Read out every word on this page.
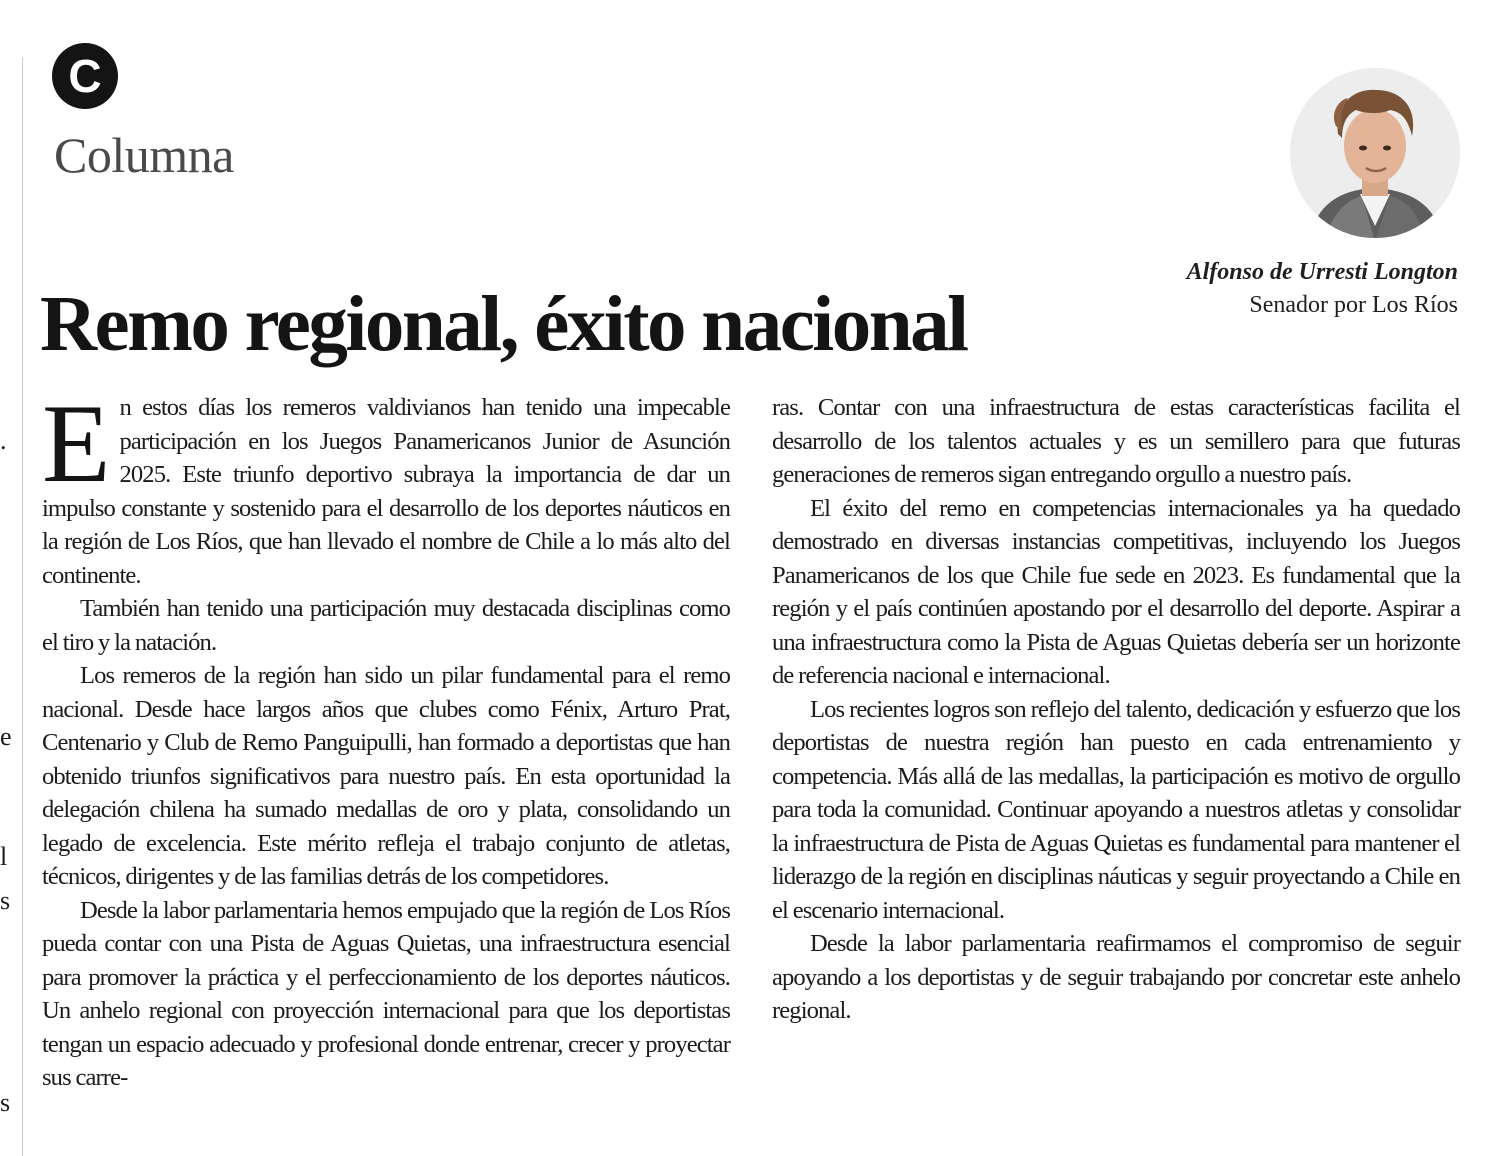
.
e
l
s
s
C
Columna
Remo regional, éxito nacional
Alfonso de Urresti Longton
Senador por Los Ríos

En estos días los remeros valdivianos han tenido una impecable participación en los Juegos Panamericanos Junior de Asunción 2025. Este triunfo deportivo subraya la importancia de dar un impulso constante y sostenido para el desarrollo de los deportes náuticos en la región de Los Ríos, que han llevado el nombre de Chile a lo más alto del continente.

También han tenido una participación muy destacada disciplinas como el tiro y la natación.

Los remeros de la región han sido un pilar fundamental para el remo nacional. Desde hace largos años que clubes como Fénix, Arturo Prat, Centenario y Club de Remo Panguipulli, han formado a deportistas que han obtenido triunfos significativos para nuestro país. En esta oportunidad la delegación chilena ha sumado medallas de oro y plata, consolidando un legado de excelencia. Este mérito refleja el trabajo conjunto de atletas, técnicos, dirigentes y de las familias detrás de los competidores.

Desde la labor parlamentaria hemos empujado que la región de Los Ríos pueda contar con una Pista de Aguas Quietas, una infraestructura esencial para promover la práctica y el perfeccionamiento de los deportes náuticos. Un anhelo regional con proyección internacional para que los deportistas tengan un espacio adecuado y profesional donde entrenar, crecer y proyectar sus carre-

ras. Contar con una infraestructura de estas características facilita el desarrollo de los talentos actuales y es un semillero para que futuras generaciones de remeros sigan entregando orgullo a nuestro país.

El éxito del remo en competencias internacionales ya ha quedado demostrado en diversas instancias competitivas, incluyendo los Juegos Panamericanos de los que Chile fue sede en 2023. Es fundamental que la región y el país continúen apostando por el desarrollo del deporte. Aspirar a una infraestructura como la Pista de Aguas Quietas debería ser un horizonte de referencia nacional e internacional.

Los recientes logros son reflejo del talento, dedicación y esfuerzo que los deportistas de nuestra región han puesto en cada entrenamiento y competencia. Más allá de las medallas, la participación es motivo de orgullo para toda la comunidad. Continuar apoyando a nuestros atletas y consolidar la infraestructura de Pista de Aguas Quietas es fundamental para mantener el liderazgo de la región en disciplinas náuticas y seguir proyectando a Chile en el escenario internacional.

Desde la labor parlamentaria reafirmamos el compromiso de seguir apoyando a los deportistas y de seguir trabajando por concretar este anhelo regional.
